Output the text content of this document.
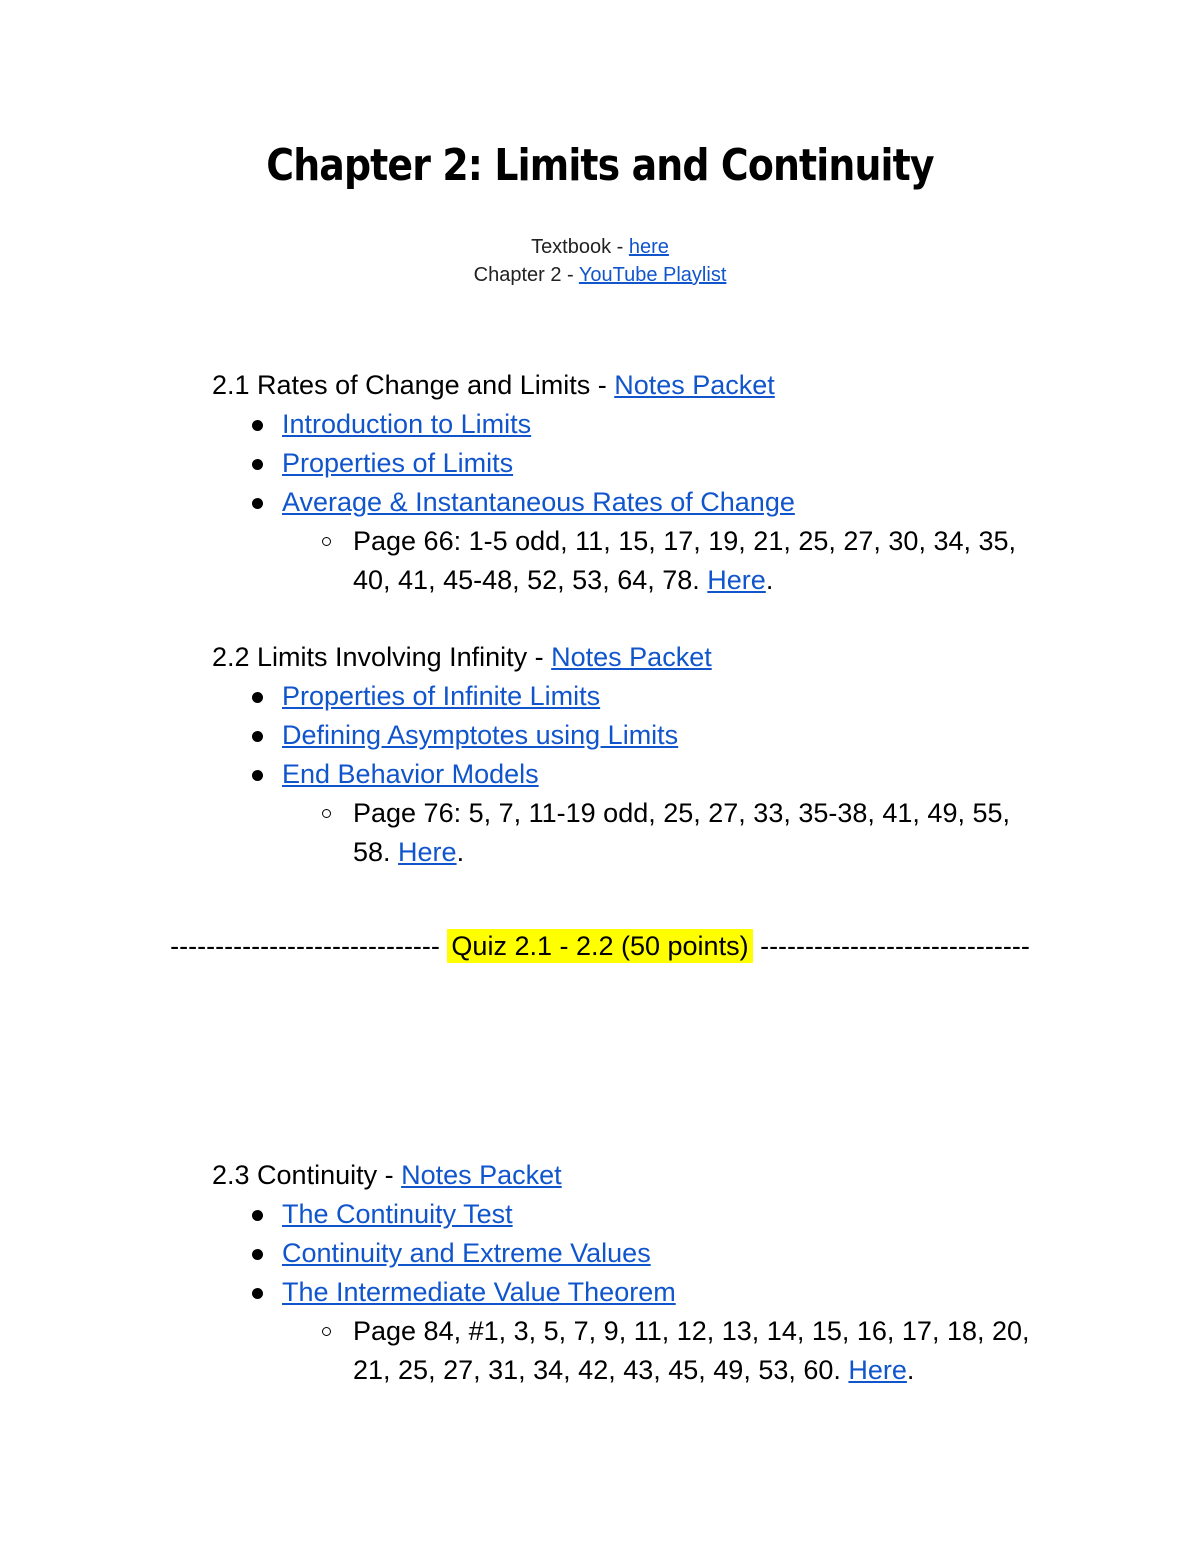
Chapter 2: Limits and Continuity
Textbook - here
Chapter 2 - YouTube Playlist
2.1 Rates of Change and Limits - Notes Packet
Introduction to Limits
Properties of Limits
Average & Instantaneous Rates of Change
Page 66: 1-5 odd, 11, 15, 17, 19, 21, 25, 27, 30, 34, 35, 40, 41, 45-48, 52, 53, 64, 78. Here.
2.2 Limits Involving Infinity - Notes Packet
Properties of Infinite Limits
Defining Asymptotes using Limits
End Behavior Models
Page 76: 5, 7, 11-19 odd, 25, 27, 33, 35-38, 41, 49, 55, 58. Here.
------------------------------ Quiz 2.1 - 2.2 (50 points) ------------------------------
2.3 Continuity - Notes Packet
The Continuity Test
Continuity and Extreme Values
The Intermediate Value Theorem
Page 84, #1, 3, 5, 7, 9, 11, 12, 13, 14, 15, 16, 17, 18, 20, 21, 25, 27, 31, 34, 42, 43, 45, 49, 53, 60. Here.
